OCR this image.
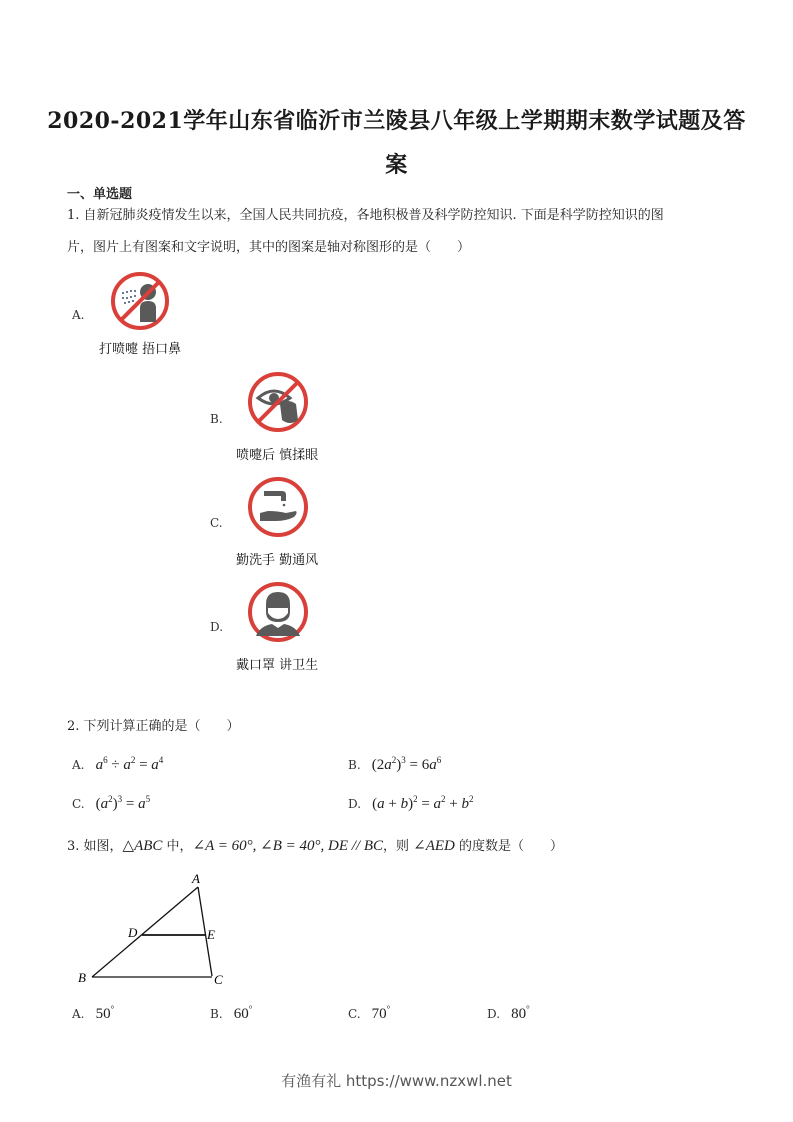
2020-2021学年山东省临沂市兰陵县八年级上学期期末数学试题及答
案
一、单选题
1. 自新冠肺炎疫情发生以来，全国人民共同抗疫，各地积极普及科学防控知识. 下面是科学防控知识的图
片，图片上有图案和文字说明，其中的图案是轴对称图形的是（　　）
A.
打喷嚏 捂口鼻
B.
喷嚏后 慎揉眼
C.
勤洗手 勤通风
D.
戴口罩 讲卫生
2. 下列计算正确的是（　　）
A. $a^6 \div a^2 = a^4$	B. $(2a^2)^3 = 6a^6$
C. $(a^2)^3 = a^5$	D. $(a + b)^2 = a^2 + b^2$
3. 如图，△ABC 中，∠A = 60°, ∠B = 40°, DE // BC，则 ∠AED 的度数是（　　）
A
B	C
D	E
A. 50°	B. 60°	C. 70°	D. 80°
有渔有礼 https://www.nzxwl.net
